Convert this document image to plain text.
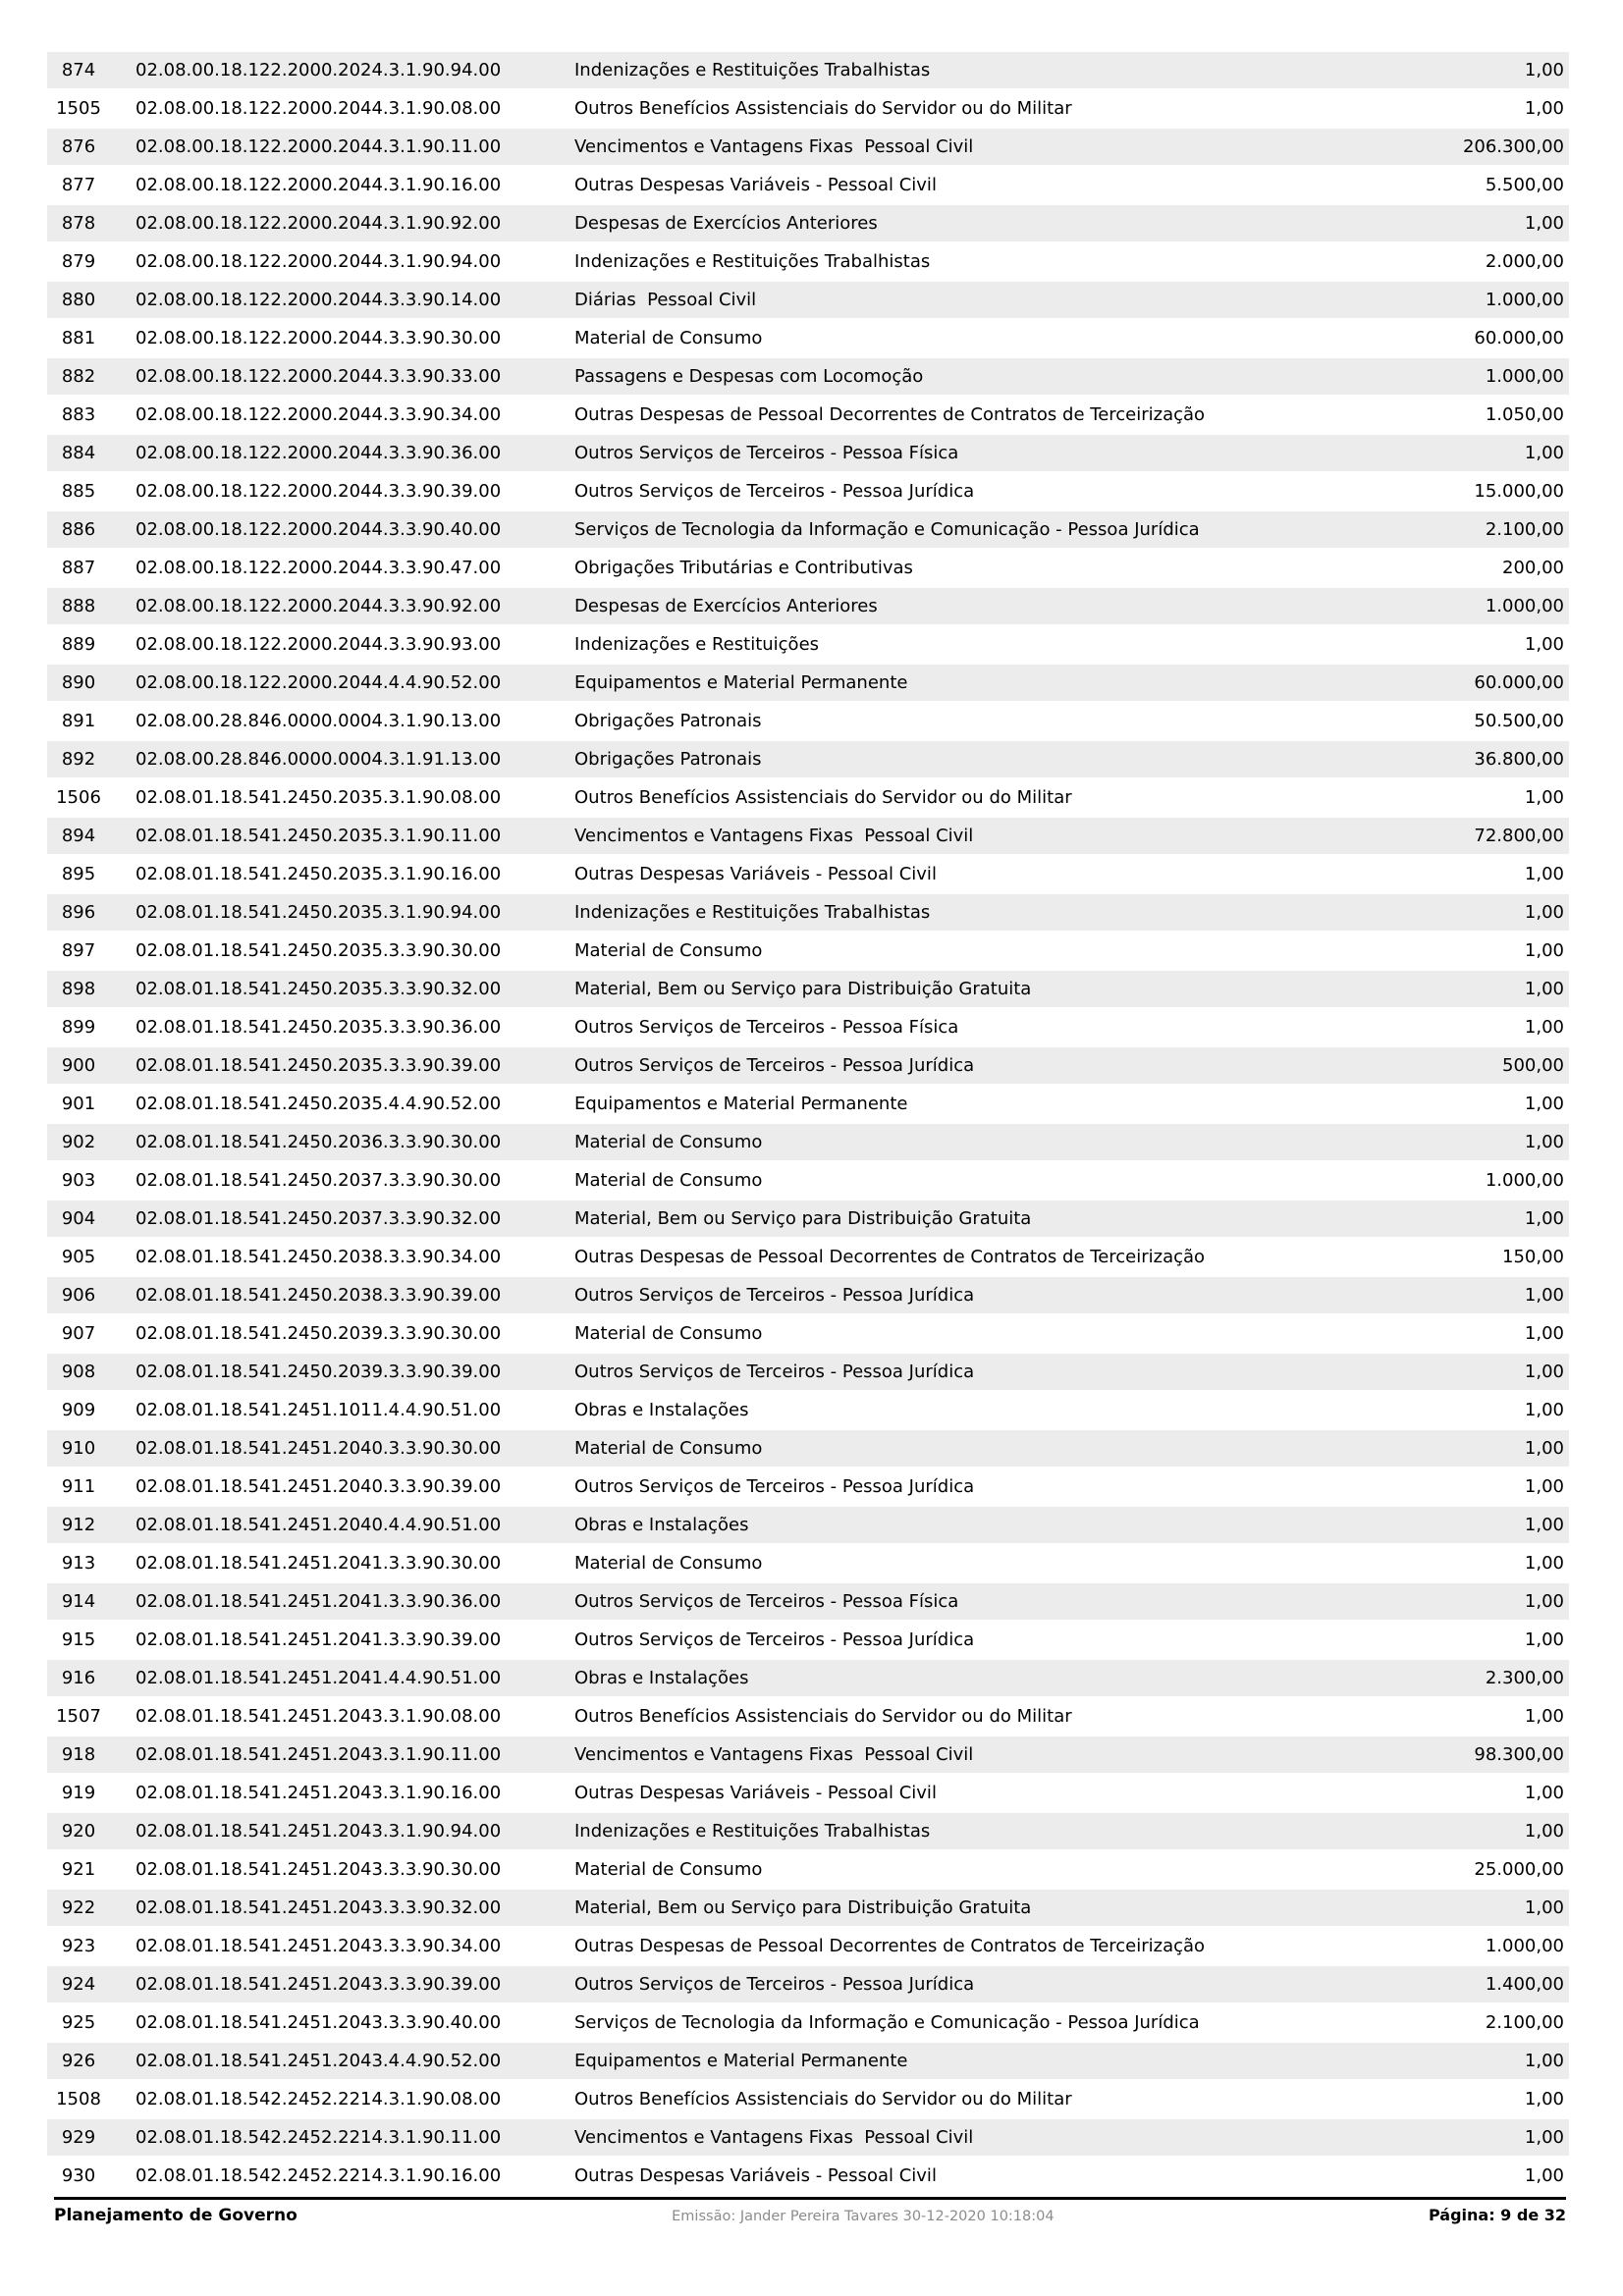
874	02.08.00.18.122.2000.2024.3.1.90.94.00	Indenizações e Restituições Trabalhistas	1,00
1505	02.08.00.18.122.2000.2044.3.1.90.08.00	Outros Benefícios Assistenciais do Servidor ou do Militar	1,00
876	02.08.00.18.122.2000.2044.3.1.90.11.00	Vencimentos e Vantagens Fixas  Pessoal Civil	206.300,00
877	02.08.00.18.122.2000.2044.3.1.90.16.00	Outras Despesas Variáveis - Pessoal Civil	5.500,00
878	02.08.00.18.122.2000.2044.3.1.90.92.00	Despesas de Exercícios Anteriores	1,00
879	02.08.00.18.122.2000.2044.3.1.90.94.00	Indenizações e Restituições Trabalhistas	2.000,00
880	02.08.00.18.122.2000.2044.3.3.90.14.00	Diárias  Pessoal Civil	1.000,00
881	02.08.00.18.122.2000.2044.3.3.90.30.00	Material de Consumo	60.000,00
882	02.08.00.18.122.2000.2044.3.3.90.33.00	Passagens e Despesas com Locomoção	1.000,00
883	02.08.00.18.122.2000.2044.3.3.90.34.00	Outras Despesas de Pessoal Decorrentes de Contratos de Terceirização	1.050,00
884	02.08.00.18.122.2000.2044.3.3.90.36.00	Outros Serviços de Terceiros - Pessoa Física	1,00
885	02.08.00.18.122.2000.2044.3.3.90.39.00	Outros Serviços de Terceiros - Pessoa Jurídica	15.000,00
886	02.08.00.18.122.2000.2044.3.3.90.40.00	Serviços de Tecnologia da Informação e Comunicação - Pessoa Jurídica	2.100,00
887	02.08.00.18.122.2000.2044.3.3.90.47.00	Obrigações Tributárias e Contributivas	200,00
888	02.08.00.18.122.2000.2044.3.3.90.92.00	Despesas de Exercícios Anteriores	1.000,00
889	02.08.00.18.122.2000.2044.3.3.90.93.00	Indenizações e Restituições	1,00
890	02.08.00.18.122.2000.2044.4.4.90.52.00	Equipamentos e Material Permanente	60.000,00
891	02.08.00.28.846.0000.0004.3.1.90.13.00	Obrigações Patronais	50.500,00
892	02.08.00.28.846.0000.0004.3.1.91.13.00	Obrigações Patronais	36.800,00
1506	02.08.01.18.541.2450.2035.3.1.90.08.00	Outros Benefícios Assistenciais do Servidor ou do Militar	1,00
894	02.08.01.18.541.2450.2035.3.1.90.11.00	Vencimentos e Vantagens Fixas  Pessoal Civil	72.800,00
895	02.08.01.18.541.2450.2035.3.1.90.16.00	Outras Despesas Variáveis - Pessoal Civil	1,00
896	02.08.01.18.541.2450.2035.3.1.90.94.00	Indenizações e Restituições Trabalhistas	1,00
897	02.08.01.18.541.2450.2035.3.3.90.30.00	Material de Consumo	1,00
898	02.08.01.18.541.2450.2035.3.3.90.32.00	Material, Bem ou Serviço para Distribuição Gratuita	1,00
899	02.08.01.18.541.2450.2035.3.3.90.36.00	Outros Serviços de Terceiros - Pessoa Física	1,00
900	02.08.01.18.541.2450.2035.3.3.90.39.00	Outros Serviços de Terceiros - Pessoa Jurídica	500,00
901	02.08.01.18.541.2450.2035.4.4.90.52.00	Equipamentos e Material Permanente	1,00
902	02.08.01.18.541.2450.2036.3.3.90.30.00	Material de Consumo	1,00
903	02.08.01.18.541.2450.2037.3.3.90.30.00	Material de Consumo	1.000,00
904	02.08.01.18.541.2450.2037.3.3.90.32.00	Material, Bem ou Serviço para Distribuição Gratuita	1,00
905	02.08.01.18.541.2450.2038.3.3.90.34.00	Outras Despesas de Pessoal Decorrentes de Contratos de Terceirização	150,00
906	02.08.01.18.541.2450.2038.3.3.90.39.00	Outros Serviços de Terceiros - Pessoa Jurídica	1,00
907	02.08.01.18.541.2450.2039.3.3.90.30.00	Material de Consumo	1,00
908	02.08.01.18.541.2450.2039.3.3.90.39.00	Outros Serviços de Terceiros - Pessoa Jurídica	1,00
909	02.08.01.18.541.2451.1011.4.4.90.51.00	Obras e Instalações	1,00
910	02.08.01.18.541.2451.2040.3.3.90.30.00	Material de Consumo	1,00
911	02.08.01.18.541.2451.2040.3.3.90.39.00	Outros Serviços de Terceiros - Pessoa Jurídica	1,00
912	02.08.01.18.541.2451.2040.4.4.90.51.00	Obras e Instalações	1,00
913	02.08.01.18.541.2451.2041.3.3.90.30.00	Material de Consumo	1,00
914	02.08.01.18.541.2451.2041.3.3.90.36.00	Outros Serviços de Terceiros - Pessoa Física	1,00
915	02.08.01.18.541.2451.2041.3.3.90.39.00	Outros Serviços de Terceiros - Pessoa Jurídica	1,00
916	02.08.01.18.541.2451.2041.4.4.90.51.00	Obras e Instalações	2.300,00
1507	02.08.01.18.541.2451.2043.3.1.90.08.00	Outros Benefícios Assistenciais do Servidor ou do Militar	1,00
918	02.08.01.18.541.2451.2043.3.1.90.11.00	Vencimentos e Vantagens Fixas  Pessoal Civil	98.300,00
919	02.08.01.18.541.2451.2043.3.1.90.16.00	Outras Despesas Variáveis - Pessoal Civil	1,00
920	02.08.01.18.541.2451.2043.3.1.90.94.00	Indenizações e Restituições Trabalhistas	1,00
921	02.08.01.18.541.2451.2043.3.3.90.30.00	Material de Consumo	25.000,00
922	02.08.01.18.541.2451.2043.3.3.90.32.00	Material, Bem ou Serviço para Distribuição Gratuita	1,00
923	02.08.01.18.541.2451.2043.3.3.90.34.00	Outras Despesas de Pessoal Decorrentes de Contratos de Terceirização	1.000,00
924	02.08.01.18.541.2451.2043.3.3.90.39.00	Outros Serviços de Terceiros - Pessoa Jurídica	1.400,00
925	02.08.01.18.541.2451.2043.3.3.90.40.00	Serviços de Tecnologia da Informação e Comunicação - Pessoa Jurídica	2.100,00
926	02.08.01.18.541.2451.2043.4.4.90.52.00	Equipamentos e Material Permanente	1,00
1508	02.08.01.18.542.2452.2214.3.1.90.08.00	Outros Benefícios Assistenciais do Servidor ou do Militar	1,00
929	02.08.01.18.542.2452.2214.3.1.90.11.00	Vencimentos e Vantagens Fixas  Pessoal Civil	1,00
930	02.08.01.18.542.2452.2214.3.1.90.16.00	Outras Despesas Variáveis - Pessoal Civil	1,00
Planejamento de Governo	Emissão: Jander Pereira Tavares 30-12-2020 10:18:04	Página: 9 de 32
